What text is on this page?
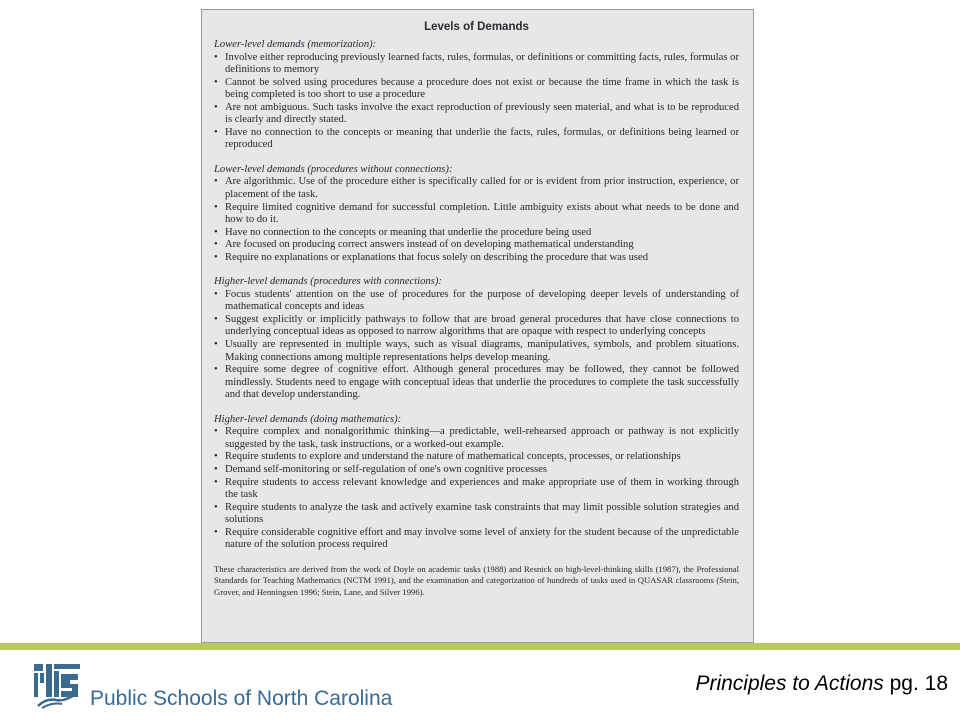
Levels of Demands

Lower-level demands (memorization):

• Involve either reproducing previously learned facts, rules, formulas, or definitions or committing facts, rules, formulas or definitions to memory
• Cannot be solved using procedures because a procedure does not exist or because the time frame in which the task is being completed is too short to use a procedure
• Are not ambiguous. Such tasks involve the exact reproduction of previously seen material, and what is to be reproduced is clearly and directly stated.
• Have no connection to the concepts or meaning that underlie the facts, rules, formulas, or definitions being learned or reproduced

Lower-level demands (procedures without connections):

• Are algorithmic. Use of the procedure either is specifically called for or is evident from prior instruction, experience, or placement of the task.
• Require limited cognitive demand for successful completion. Little ambiguity exists about what needs to be done and how to do it.
• Have no connection to the concepts or meaning that underlie the procedure being used
• Are focused on producing correct answers instead of on developing mathematical understanding
• Require no explanations or explanations that focus solely on describing the procedure that was used

Higher-level demands (procedures with connections):

• Focus students' attention on the use of procedures for the purpose of developing deeper levels of understanding of mathematical concepts and ideas
• Suggest explicitly or implicitly pathways to follow that are broad general procedures that have close connections to underlying conceptual ideas as opposed to narrow algorithms that are opaque with respect to underlying concepts
• Usually are represented in multiple ways, such as visual diagrams, manipulatives, symbols, and problem situations. Making connections among multiple representations helps develop meaning.
• Require some degree of cognitive effort. Although general procedures may be followed, they cannot be followed mindlessly. Students need to engage with conceptual ideas that underlie the procedures to complete the task successfully and that develop understanding.

Higher-level demands (doing mathematics):

• Require complex and nonalgorithmic thinking—a predictable, well-rehearsed approach or pathway is not explicitly suggested by the task, task instructions, or a worked-out example.
• Require students to explore and understand the nature of mathematical concepts, processes, or relationships
• Demand self-monitoring or self-regulation of one's own cognitive processes
• Require students to access relevant knowledge and experiences and make appropriate use of them in working through the task
• Require students to analyze the task and actively examine task constraints that may limit possible solution strategies and solutions
• Require considerable cognitive effort and may involve some level of anxiety for the student because of the unpredictable nature of the solution process required
These characteristics are derived from the work of Doyle on academic tasks (1988) and Resnick on high-level-thinking skills (1987), the Professional Standards for Teaching Mathematics (NCTM 1991), and the examination and categorization of hundreds of tasks used in QUASAR classrooms (Stein, Grover, and Henningsen 1996; Stein, Lane, and Silver 1996).
Public Schools of North Carolina
Principles to Actions pg. 18
